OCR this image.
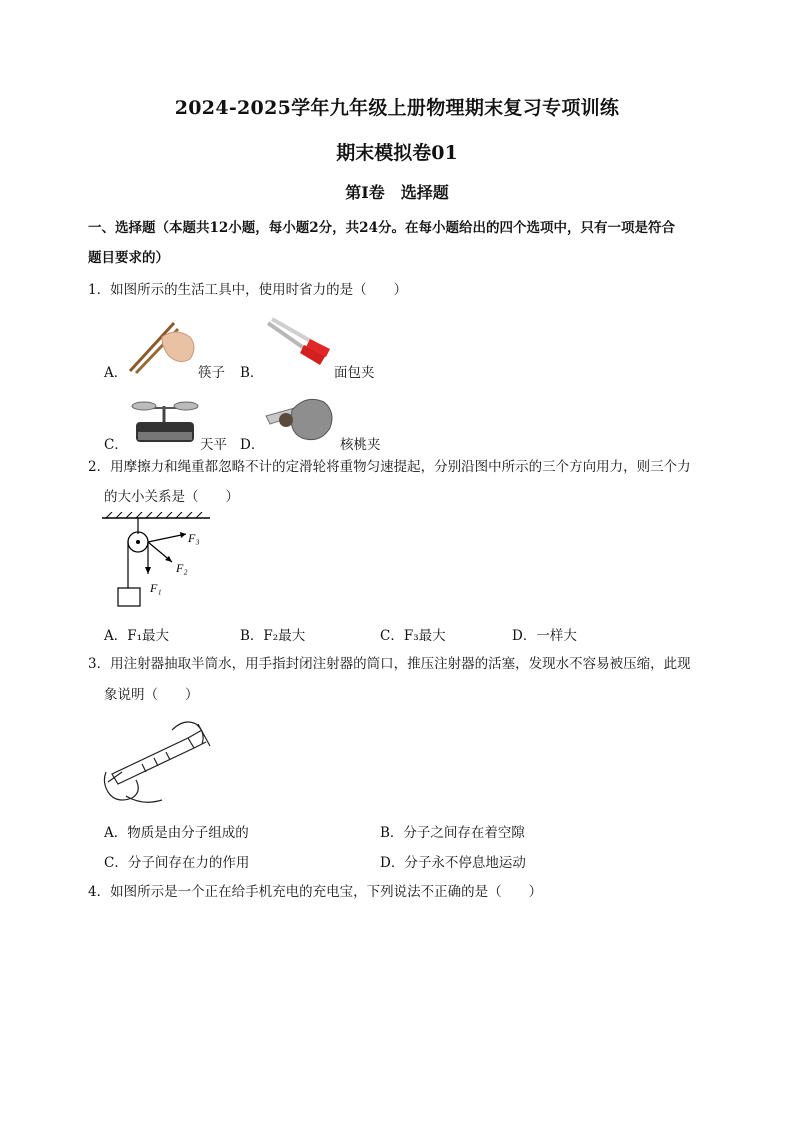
2024-2025学年九年级上册物理期末复习专项训练
期末模拟卷01
第Ⅰ卷　选择题
一、选择题（本题共12小题，每小题2分，共24分。在每小题给出的四个选项中，只有一项是符合
题目要求的）
1．如图所示的生活工具中，使用时省力的是（　　）
A．	筷子 B．	面包夹
C．	天平 D．	核桃夹
2．用摩擦力和绳重都忽略不计的定滑轮将重物匀速提起，分别沿图中所示的三个方向用力，则三个力
的大小关系是（　　）
F₃
F₂
F₁
A．F₁最大	B．F₂最大	C．F₃最大	D．一样大
3．用注射器抽取半筒水，用手指封闭注射器的筒口，推压注射器的活塞，发现水不容易被压缩，此现
象说明（　　）
A．物质是由分子组成的	B．分子之间存在着空隙
C．分子间存在力的作用	D．分子永不停息地运动
4．如图所示是一个正在给手机充电的充电宝，下列说法不正确的是（　　）
